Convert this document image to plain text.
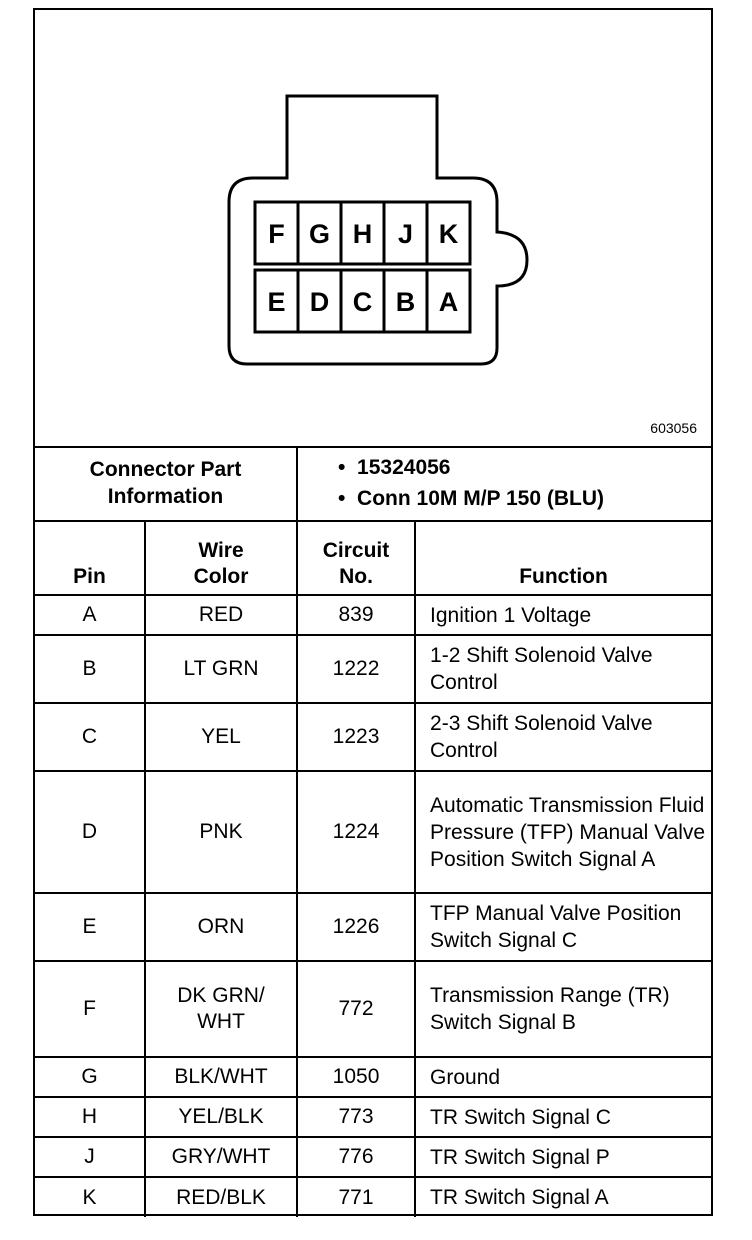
F G H J K
E D C B A
603056
Connector Part Information		•  15324056
•  Conn 10M M/P 150 (BLU)

Pin	Wire Color	Circuit No.	Function
A	RED	839	Ignition 1 Voltage
B	LT GRN	1222	1-2 Shift Solenoid Valve Control
C	YEL	1223	2-3 Shift Solenoid Valve Control
D	PNK	1224	Automatic Transmission Fluid Pressure (TFP) Manual Valve Position Switch Signal A
E	ORN	1226	TFP Manual Valve Position Switch Signal C
F	DK GRN/ WHT	772	Transmission Range (TR) Switch Signal B
G	BLK/WHT	1050	Ground
H	YEL/BLK	773	TR Switch Signal C
J	GRY/WHT	776	TR Switch Signal P
K	RED/BLK	771	TR Switch Signal A
